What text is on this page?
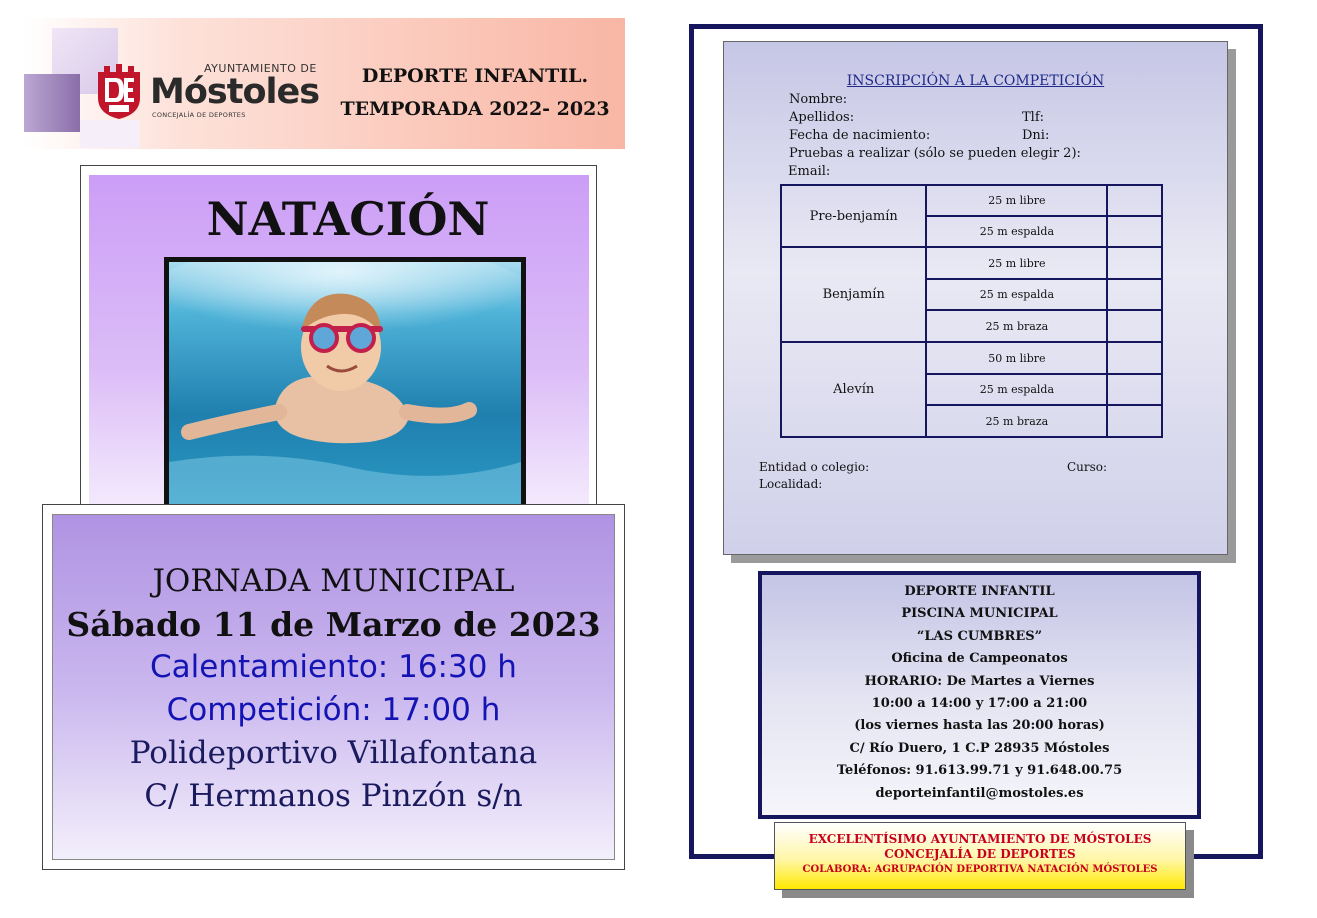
AYUNTAMIENTO DE
Móstoles
CONCEJALÍA DE DEPORTES
DEPORTE INFANTIL.
TEMPORADA 2022- 2023
NATACIÓN
JORNADA MUNICIPAL
Sábado 11 de Marzo de 2023
Calentamiento: 16:30 h
Competición: 17:00 h
Polideportivo Villafontana
C/ Hermanos Pinzón s/n
INSCRIPCIÓN A LA COMPETICIÓN
Nombre:
Apellidos:	Tlf:
Fecha de nacimiento:	Dni:
Pruebas a realizar (sólo se pueden elegir 2):
Email:
Pre-benjamín	25 m libre	
	25 m espalda	
Benjamín	25 m libre	
	25 m espalda	
	25 m braza	
Alevín	50 m libre	
	25 m espalda	
	25 m braza	
Entidad o colegio:	Curso:
Localidad:
DEPORTE INFANTIL
PISCINA MUNICIPAL
“LAS CUMBRES”
Oficina de Campeonatos
HORARIO: De Martes a Viernes
10:00 a 14:00 y 17:00 a 21:00
(los viernes hasta las 20:00 horas)
C/ Río Duero, 1 C.P 28935 Móstoles
Teléfonos: 91.613.99.71 y 91.648.00.75
deporteinfantil@mostoles.es
EXCELENTÍSIMO AYUNTAMIENTO DE MÓSTOLES
CONCEJALÍA DE DEPORTES
COLABORA: AGRUPACIÓN DEPORTIVA NATACIÓN MÓSTOLES
